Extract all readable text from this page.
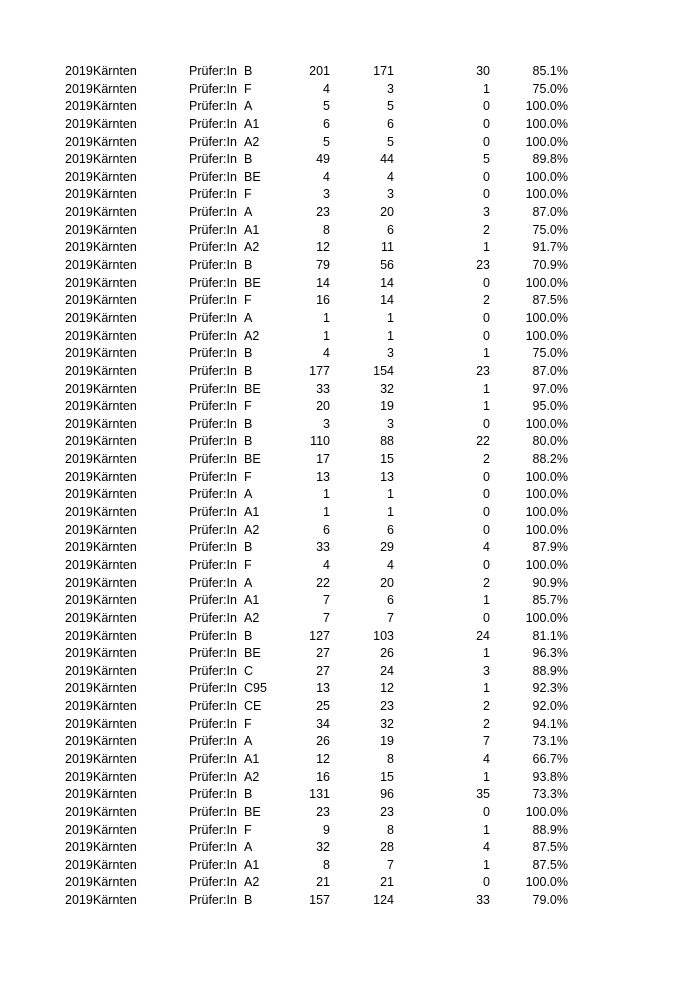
2019 Kärnten	Prüfer:In B	201	171	30	85.1%
2019 Kärnten	Prüfer:In F	4	3	1	75.0%
2019 Kärnten	Prüfer:In A	5	5	0	100.0%
2019 Kärnten	Prüfer:In A1	6	6	0	100.0%
2019 Kärnten	Prüfer:In A2	5	5	0	100.0%
2019 Kärnten	Prüfer:In B	49	44	5	89.8%
2019 Kärnten	Prüfer:In BE	4	4	0	100.0%
2019 Kärnten	Prüfer:In F	3	3	0	100.0%
2019 Kärnten	Prüfer:In A	23	20	3	87.0%
2019 Kärnten	Prüfer:In A1	8	6	2	75.0%
2019 Kärnten	Prüfer:In A2	12	11	1	91.7%
2019 Kärnten	Prüfer:In B	79	56	23	70.9%
2019 Kärnten	Prüfer:In BE	14	14	0	100.0%
2019 Kärnten	Prüfer:In F	16	14	2	87.5%
2019 Kärnten	Prüfer:In A	1	1	0	100.0%
2019 Kärnten	Prüfer:In A2	1	1	0	100.0%
2019 Kärnten	Prüfer:In B	4	3	1	75.0%
2019 Kärnten	Prüfer:In B	177	154	23	87.0%
2019 Kärnten	Prüfer:In BE	33	32	1	97.0%
2019 Kärnten	Prüfer:In F	20	19	1	95.0%
2019 Kärnten	Prüfer:In B	3	3	0	100.0%
2019 Kärnten	Prüfer:In B	110	88	22	80.0%
2019 Kärnten	Prüfer:In BE	17	15	2	88.2%
2019 Kärnten	Prüfer:In F	13	13	0	100.0%
2019 Kärnten	Prüfer:In A	1	1	0	100.0%
2019 Kärnten	Prüfer:In A1	1	1	0	100.0%
2019 Kärnten	Prüfer:In A2	6	6	0	100.0%
2019 Kärnten	Prüfer:In B	33	29	4	87.9%
2019 Kärnten	Prüfer:In F	4	4	0	100.0%
2019 Kärnten	Prüfer:In A	22	20	2	90.9%
2019 Kärnten	Prüfer:In A1	7	6	1	85.7%
2019 Kärnten	Prüfer:In A2	7	7	0	100.0%
2019 Kärnten	Prüfer:In B	127	103	24	81.1%
2019 Kärnten	Prüfer:In BE	27	26	1	96.3%
2019 Kärnten	Prüfer:In C	27	24	3	88.9%
2019 Kärnten	Prüfer:In C95	13	12	1	92.3%
2019 Kärnten	Prüfer:In CE	25	23	2	92.0%
2019 Kärnten	Prüfer:In F	34	32	2	94.1%
2019 Kärnten	Prüfer:In A	26	19	7	73.1%
2019 Kärnten	Prüfer:In A1	12	8	4	66.7%
2019 Kärnten	Prüfer:In A2	16	15	1	93.8%
2019 Kärnten	Prüfer:In B	131	96	35	73.3%
2019 Kärnten	Prüfer:In BE	23	23	0	100.0%
2019 Kärnten	Prüfer:In F	9	8	1	88.9%
2019 Kärnten	Prüfer:In A	32	28	4	87.5%
2019 Kärnten	Prüfer:In A1	8	7	1	87.5%
2019 Kärnten	Prüfer:In A2	21	21	0	100.0%
2019 Kärnten	Prüfer:In B	157	124	33	79.0%
